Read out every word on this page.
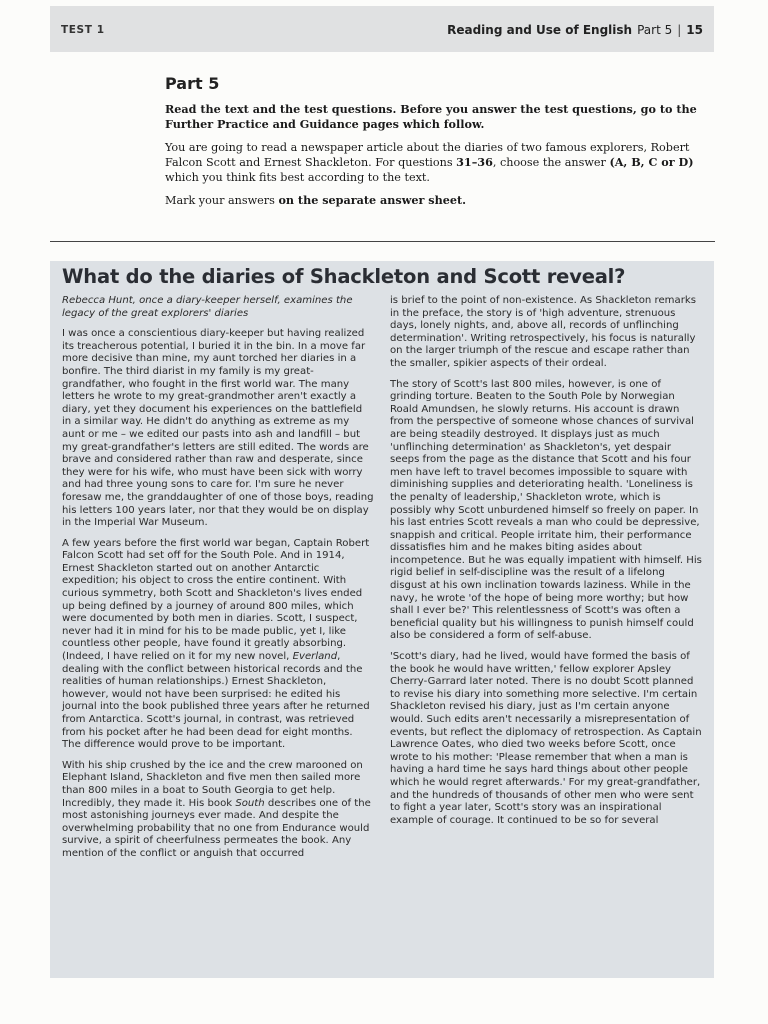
TEST 1	Reading and Use of English Part 5 | 15
Part 5

Read the text and the test questions. Before you answer the test questions, go to the Further Practice and Guidance pages which follow.

You are going to read a newspaper article about the diaries of two famous explorers, Robert Falcon Scott and Ernest Shackleton. For questions 31–36, choose the answer (A, B, C or D) which you think fits best according to the text.

Mark your answers on the separate answer sheet.

What do the diaries of Shackleton and Scott reveal?

Rebecca Hunt, once a diary-keeper herself, examines the legacy of the great explorers' diaries

I was once a conscientious diary-keeper but having realized its treacherous potential, I buried it in the bin. In a move far more decisive than mine, my aunt torched her diaries in a bonfire. The third diarist in my family is my great-grandfather, who fought in the first world war. The many letters he wrote to my great-grandmother aren't exactly a diary, yet they document his experiences on the battlefield in a similar way. He didn't do anything as extreme as my aunt or me – we edited our pasts into ash and landfill – but my great-grandfather's letters are still edited. The words are brave and considered rather than raw and desperate, since they were for his wife, who must have been sick with worry and had three young sons to care for. I'm sure he never foresaw me, the granddaughter of one of those boys, reading his letters 100 years later, nor that they would be on display in the Imperial War Museum.

A few years before the first world war began, Captain Robert Falcon Scott had set off for the South Pole. And in 1914, Ernest Shackleton started out on another Antarctic expedition; his object to cross the entire continent. With curious symmetry, both Scott and Shackleton's lives ended up being defined by a journey of around 800 miles, which were documented by both men in diaries. Scott, I suspect, never had it in mind for his to be made public, yet I, like countless other people, have found it greatly absorbing. (Indeed, I have relied on it for my new novel, Everland, dealing with the conflict between historical records and the realities of human relationships.) Ernest Shackleton, however, would not have been surprised: he edited his journal into the book published three years after he returned from Antarctica. Scott's journal, in contrast, was retrieved from his pocket after he had been dead for eight months. The difference would prove to be important.

With his ship crushed by the ice and the crew marooned on Elephant Island, Shackleton and five men then sailed more than 800 miles in a boat to South Georgia to get help. Incredibly, they made it. His book South describes one of the most astonishing journeys ever made. And despite the overwhelming probability that no one from Endurance would survive, a spirit of cheerfulness permeates the book. Any mention of the conflict or anguish that occurred

is brief to the point of non-existence. As Shackleton remarks in the preface, the story is of 'high adventure, strenuous days, lonely nights, and, above all, records of unflinching determination'. Writing retrospectively, his focus is naturally on the larger triumph of the rescue and escape rather than the smaller, spikier aspects of their ordeal.

The story of Scott's last 800 miles, however, is one of grinding torture. Beaten to the South Pole by Norwegian Roald Amundsen, he slowly returns. His account is drawn from the perspective of someone whose chances of survival are being steadily destroyed. It displays just as much 'unflinching determination' as Shackleton's, yet despair seeps from the page as the distance that Scott and his four men have left to travel becomes impossible to square with diminishing supplies and deteriorating health. 'Loneliness is the penalty of leadership,' Shackleton wrote, which is possibly why Scott unburdened himself so freely on paper. In his last entries Scott reveals a man who could be depressive, snappish and critical. People irritate him, their performance dissatisfies him and he makes biting asides about incompetence. But he was equally impatient with himself. His rigid belief in self-discipline was the result of a lifelong disgust at his own inclination towards laziness. While in the navy, he wrote 'of the hope of being more worthy; but how shall I ever be?' This relentlessness of Scott's was often a beneficial quality but his willingness to punish himself could also be considered a form of self-abuse.

'Scott's diary, had he lived, would have formed the basis of the book he would have written,' fellow explorer Apsley Cherry-Garrard later noted. There is no doubt Scott planned to revise his diary into something more selective. I'm certain Shackleton revised his diary, just as I'm certain anyone would. Such edits aren't necessarily a misrepresentation of events, but reflect the diplomacy of retrospection. As Captain Lawrence Oates, who died two weeks before Scott, once wrote to his mother: 'Please remember that when a man is having a hard time he says hard things about other people which he would regret afterwards.' For my great-grandfather, and the hundreds of thousands of other men who were sent to fight a year later, Scott's story was an inspirational example of courage. It continued to be so for several
